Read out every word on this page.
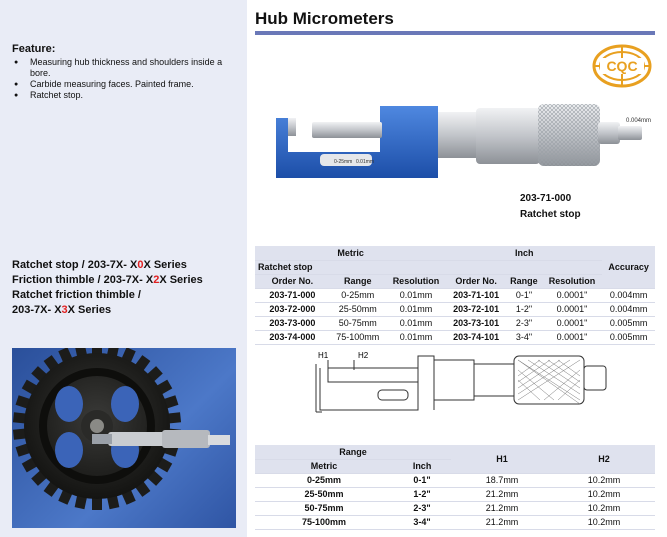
Feature:
● Measuring hub thickness and shoulders inside a bore.
● Carbide measuring faces. Painted frame.
● Ratchet stop.
Ratchet stop / 203-7X- X0X Series
Friction thimble / 203-7X- X2X Series
Ratchet friction thimble /
203-7X- X3X Series
Hub Micrometers
CQC
0-25mm 0.01mm
0.004mm
203-71-000
Ratchet stop
Metric			Inch			Accuracy
Ratchet stop						
Order No.	Range	Resolution	Order No.	Range	Resolution	
203-71-000	0-25mm	0.01mm	203-71-101	0-1"	0.0001"	0.004mm
203-72-000	25-50mm	0.01mm	203-72-101	1-2"	0.0001"	0.004mm
203-73-000	50-75mm	0.01mm	203-73-101	2-3"	0.0001"	0.005mm
203-74-000	75-100mm	0.01mm	203-74-101	3-4"	0.0001"	0.005mm
H1	H2
Range		H1	H2
Metric	Inch		
0-25mm	0-1"	18.7mm	10.2mm
25-50mm	1-2"	21.2mm	10.2mm
50-75mm	2-3"	21.2mm	10.2mm
75-100mm	3-4"	21.2mm	10.2mm
